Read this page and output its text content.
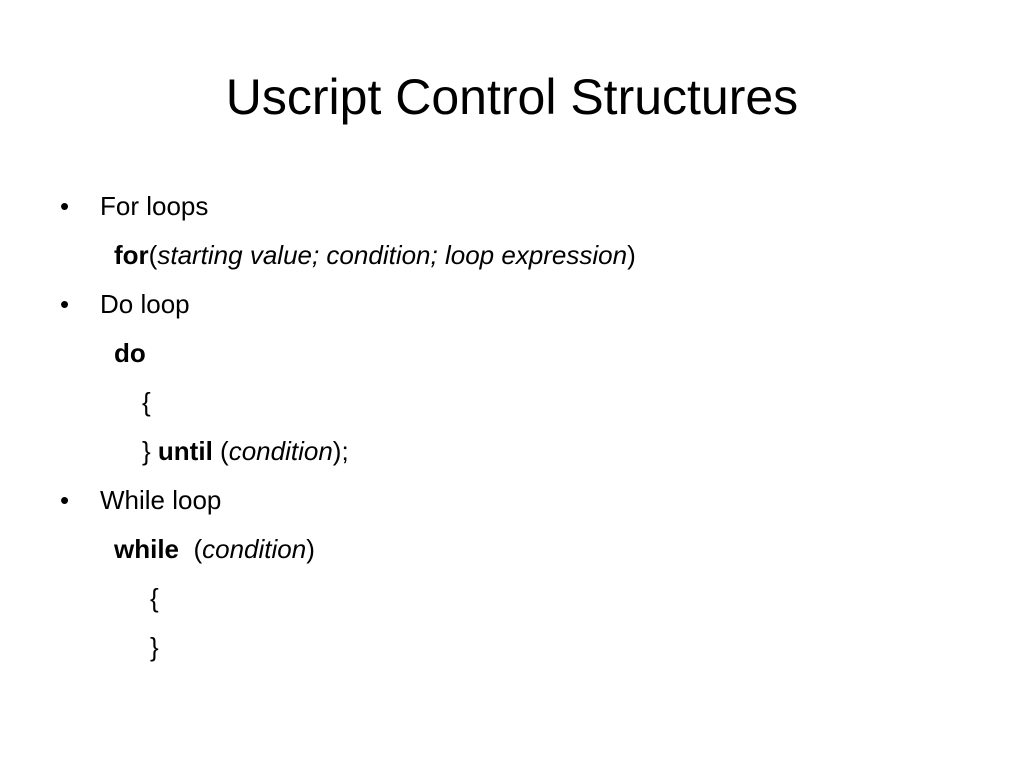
Uscript Control Structures
• For loops
for(starting value; condition; loop expression)
• Do loop
do
{
} until (condition);
• While loop
while (condition)
{
}
